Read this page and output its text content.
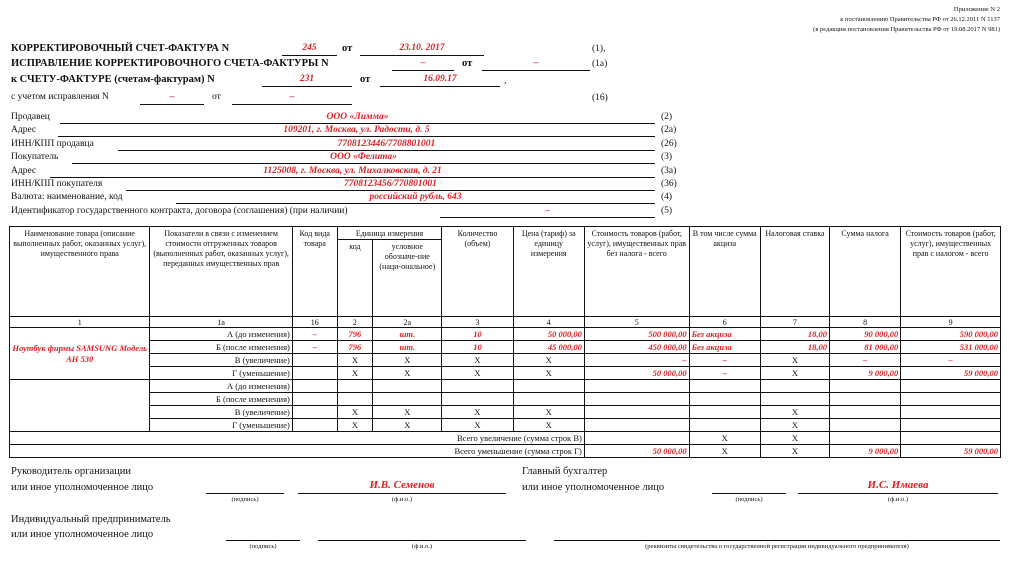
Приложение N 2
к постановлению Правительства РФ от 26.12.2011 N 1137
(в редакции постановления Правительства РФ от 19.08.2017 N 981)
КОРРЕКТИРОВОЧНЫЙ СЧЕТ-ФАКТУРА N	245	от	23.10. 2017	(1),
ИСПРАВЛЕНИЕ КОРРЕКТИРОВОЧНОГО СЧЕТА-ФАКТУРЫ N	–	от	–	(1а)
к СЧЕТУ-ФАКТУРЕ (счетам-фактурам) N	231	от	16.09.17	,
с учетом исправления N	–	от	–	(16)
Продавец	ООО «Лимма»	(2)
Адрес	109201, г. Москва, ул. Радости, д. 5	(2а)
ИНН/КПП продавца	7708123446/7708801001	(26)
Покупатель	ООО «Фелита»	(3)
Адрес	1125008, г. Москва, ул. Михалковская, д. 21	(3а)
ИНН/КПП покупателя	7708123456/770801001	(36)
Валюта: наименование, код	российский рубль, 643	(4)
Идентификатор государственного контракта, договора (соглашения) (при наличии)	–	(5)
Наименование товара (описание выполненных работ, оказанных услуг), имущественного права	Показатели в связи с изменением стоимости отгруженных товаров (выполненных работ, оказанных услуг), переданных имущественных прав	Код вида товара	Единица измерения		Количество (объем)	Цена (тариф) за единицу измерения	Стоимость товаров (работ, услуг), имущественных прав без налога - всего	В том числе сумма акциза	Налоговая ставка	Сумма налога	Стоимость товаров (работ, услуг), имущественных прав с налогом - всего
			код	условное обозначе-ние (наци-ональное)							
1	1а	16	2	2а	3	4	5	6	7	8	9
Ноутбук фирмы SAMSUNG Модель АН 530	А (до изменения)	–	796	шт.	10	50 000,00	500 000,00	Без акциза	18,00	90 000,00	590 000,00
	Б (после изменения)	–	796	шт.	10	45 000,00	450 000,00	Без акциза	18,00	81 000,00	531 000,00
	В (увеличение)		X	X	X	X	–	–	X	–	–
	Г (уменьшение)		X	X	X	X	50 000,00	–	X	9 000,00	59 000,00
	А (до изменения)										
	Б (после изменения)										
	В (увеличение)		X	X	X	X			X		
	Г (уменьшение)		X	X	X	X			X		
Всего увеличение (сумма строк В)								X	X		
Всего уменьшение (сумма строк Г)							50 000,00	X	X	9 000,00	59 000,00
Руководитель организации
или иное уполномоченное лицо
(подпись)
И.В. Семенов
(ф.и.о.)
Главный бухгалтер
или иное уполномоченное лицо
(подпись)
И.С. Имаева
(ф.и.о.)
Индивидуальный предприниматель
или иное уполномоченное лицо
(подпись)	(ф.и.о.)	(реквизиты свидетельства о государственной регистрации индивидуального предпринимателя)
